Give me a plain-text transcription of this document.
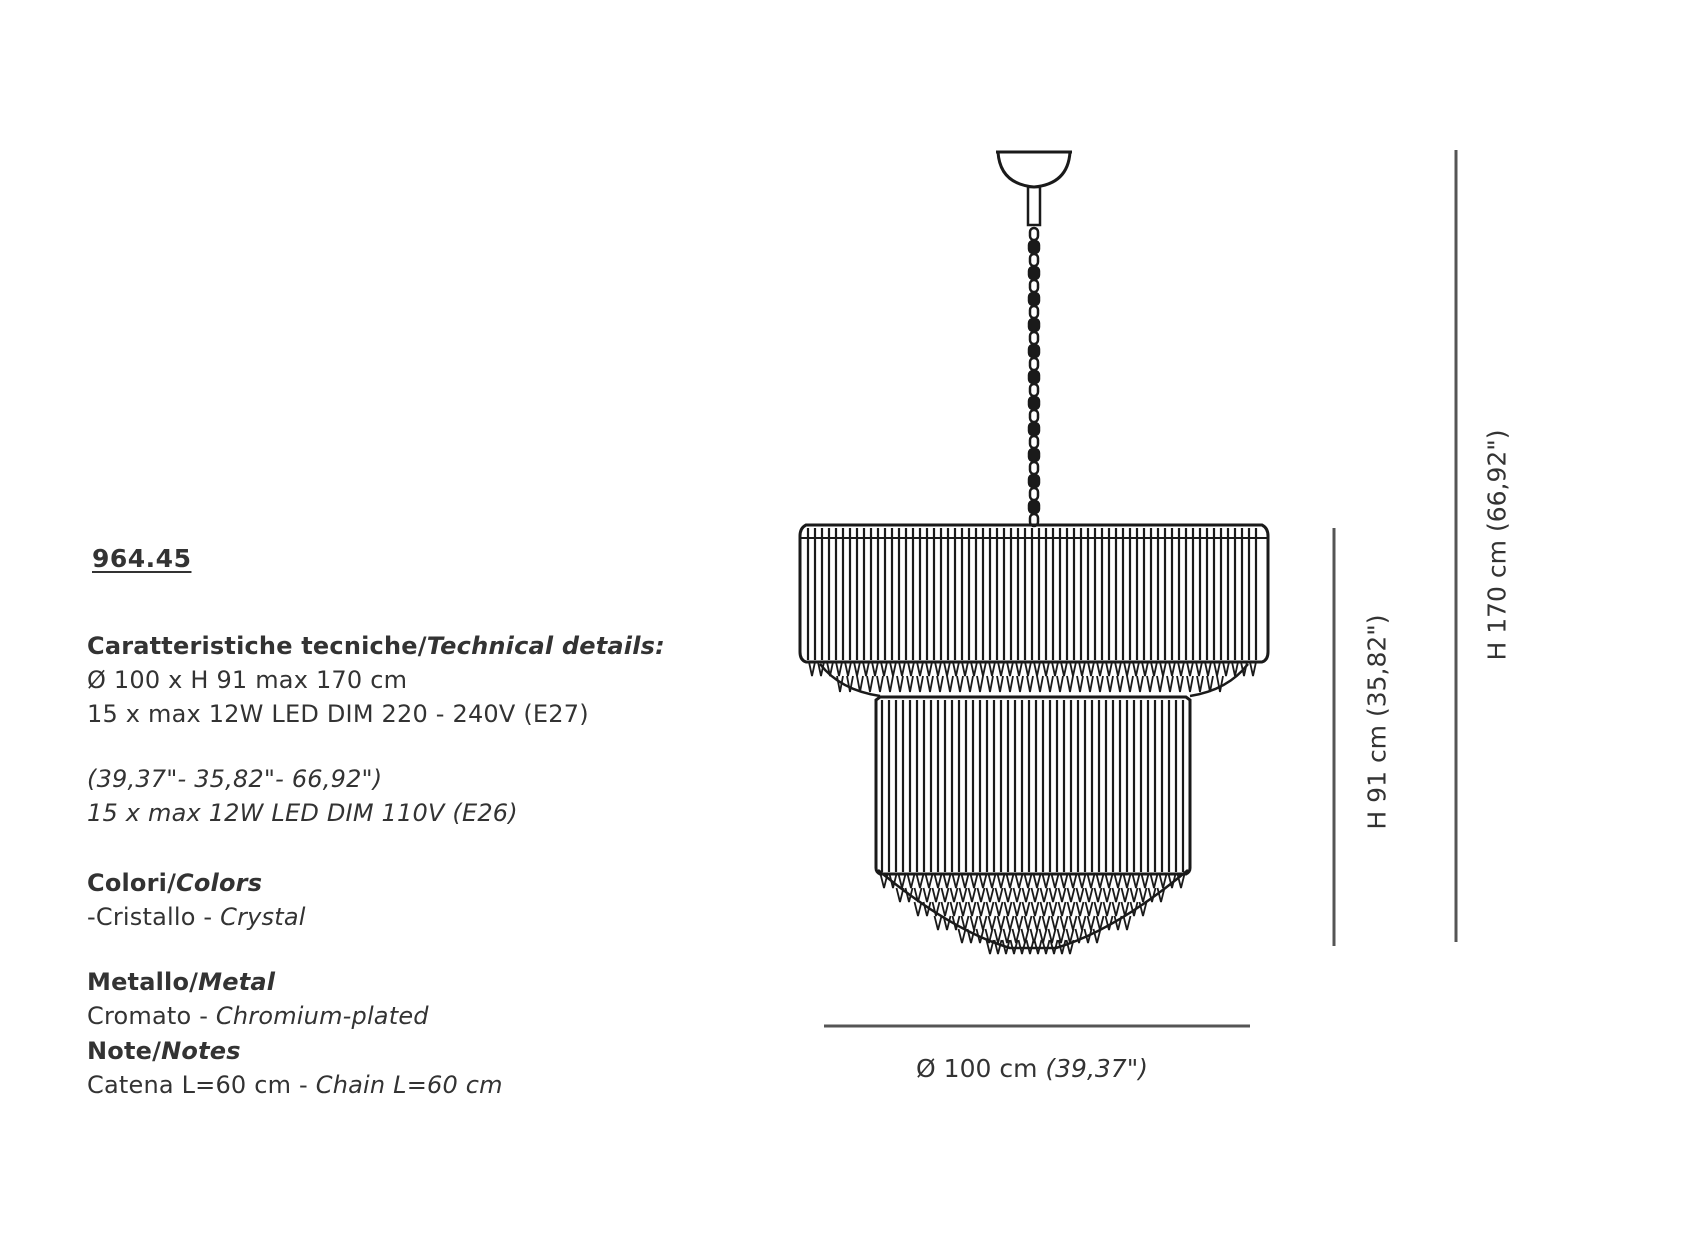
964.45
Caratteristiche tecniche/Technical details:
Ø 100 x H 91 max 170 cm
15 x max 12W LED DIM 220 - 240V (E27)
(39,37"- 35,82"- 66,92")
15 x max 12W LED DIM 110V (E26)
Colori/Colors
-Cristallo - Crystal
Metallo/Metal
Cromato - Chromium-plated
Note/Notes
Catena L=60 cm - Chain L=60 cm
H 91 cm (35,82")
H 170 cm (66,92")
Ø 100 cm (39,37")
